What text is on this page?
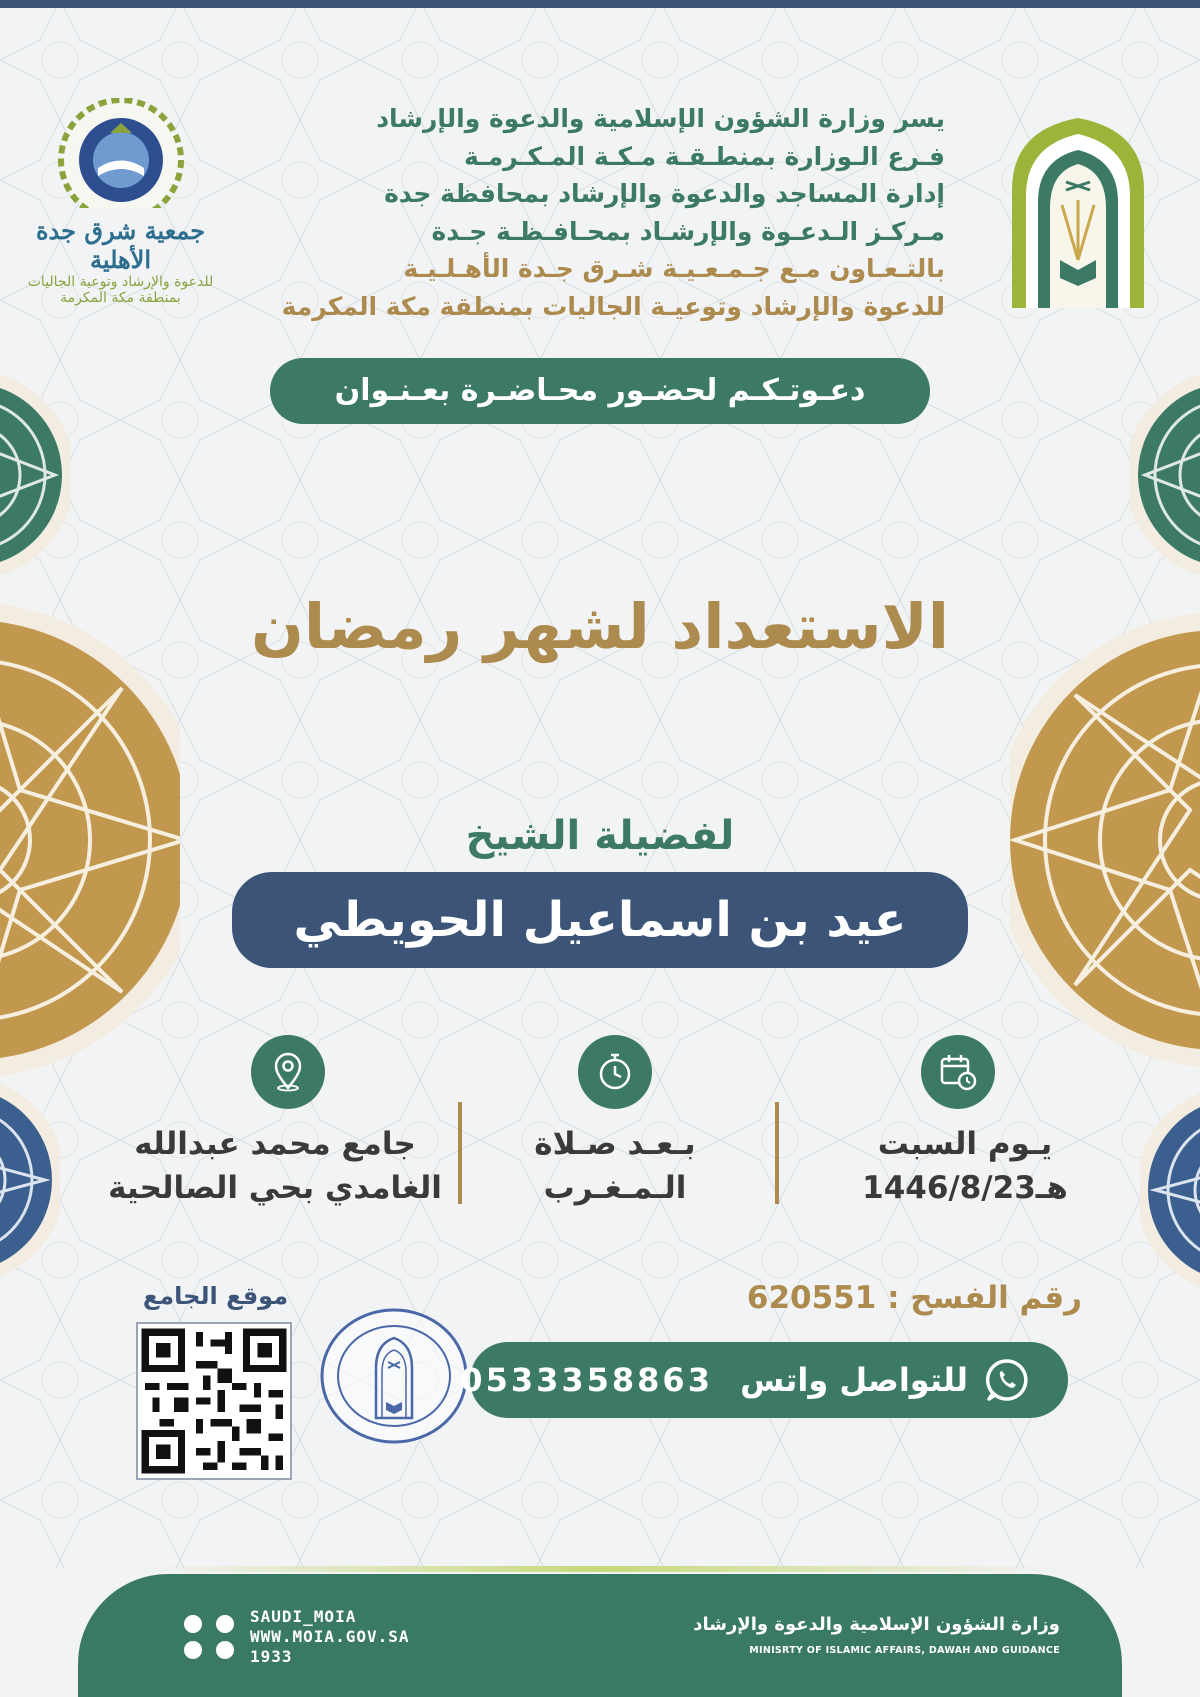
جمعية شرق جدة الأهلية
للدعوة والإرشاد وتوعية الجاليات
بمنطقة مكة المكرمة
يسر وزارة الشؤون الإسلامية والدعوة والإرشاد
فـرع الـوزارة بمنطـقـة مـكـة المـكـرمـة
إدارة المساجد والدعوة والإرشاد بمحافظة جدة
مـركـز الـدعـوة والإرشـاد بمحـافـظـة جـدة
بالتـعـاون مـع جـمـعـيـة شـرق جـدة الأهـلـيـة
للدعوة والإرشاد وتوعيـة الجاليات بمنطقة مكة المكرمة
دعـوتـكـم لحضـور محـاضـرة بعـنـوان
الاستعداد لشهر رمضان
لفضيلة الشيخ
عيد بن اسماعيل الحويطي
يـوم السبت
1446/8/23هـ
بـعـد صـلاة
الـمـغـرب
جامع محمد عبدالله
الغامدي بحي الصالحية
رقم الفسح : 620551
موقع الجامع
للتواصل واتس 0533358863
وزارة الشؤون الإسلامية والدعوة والإرشاد
MINISRTY OF ISLAMIC AFFAIRS, DAWAH AND GUIDANCE
SAUDI_MOIA
WWW.MOIA.GOV.SA
1933
